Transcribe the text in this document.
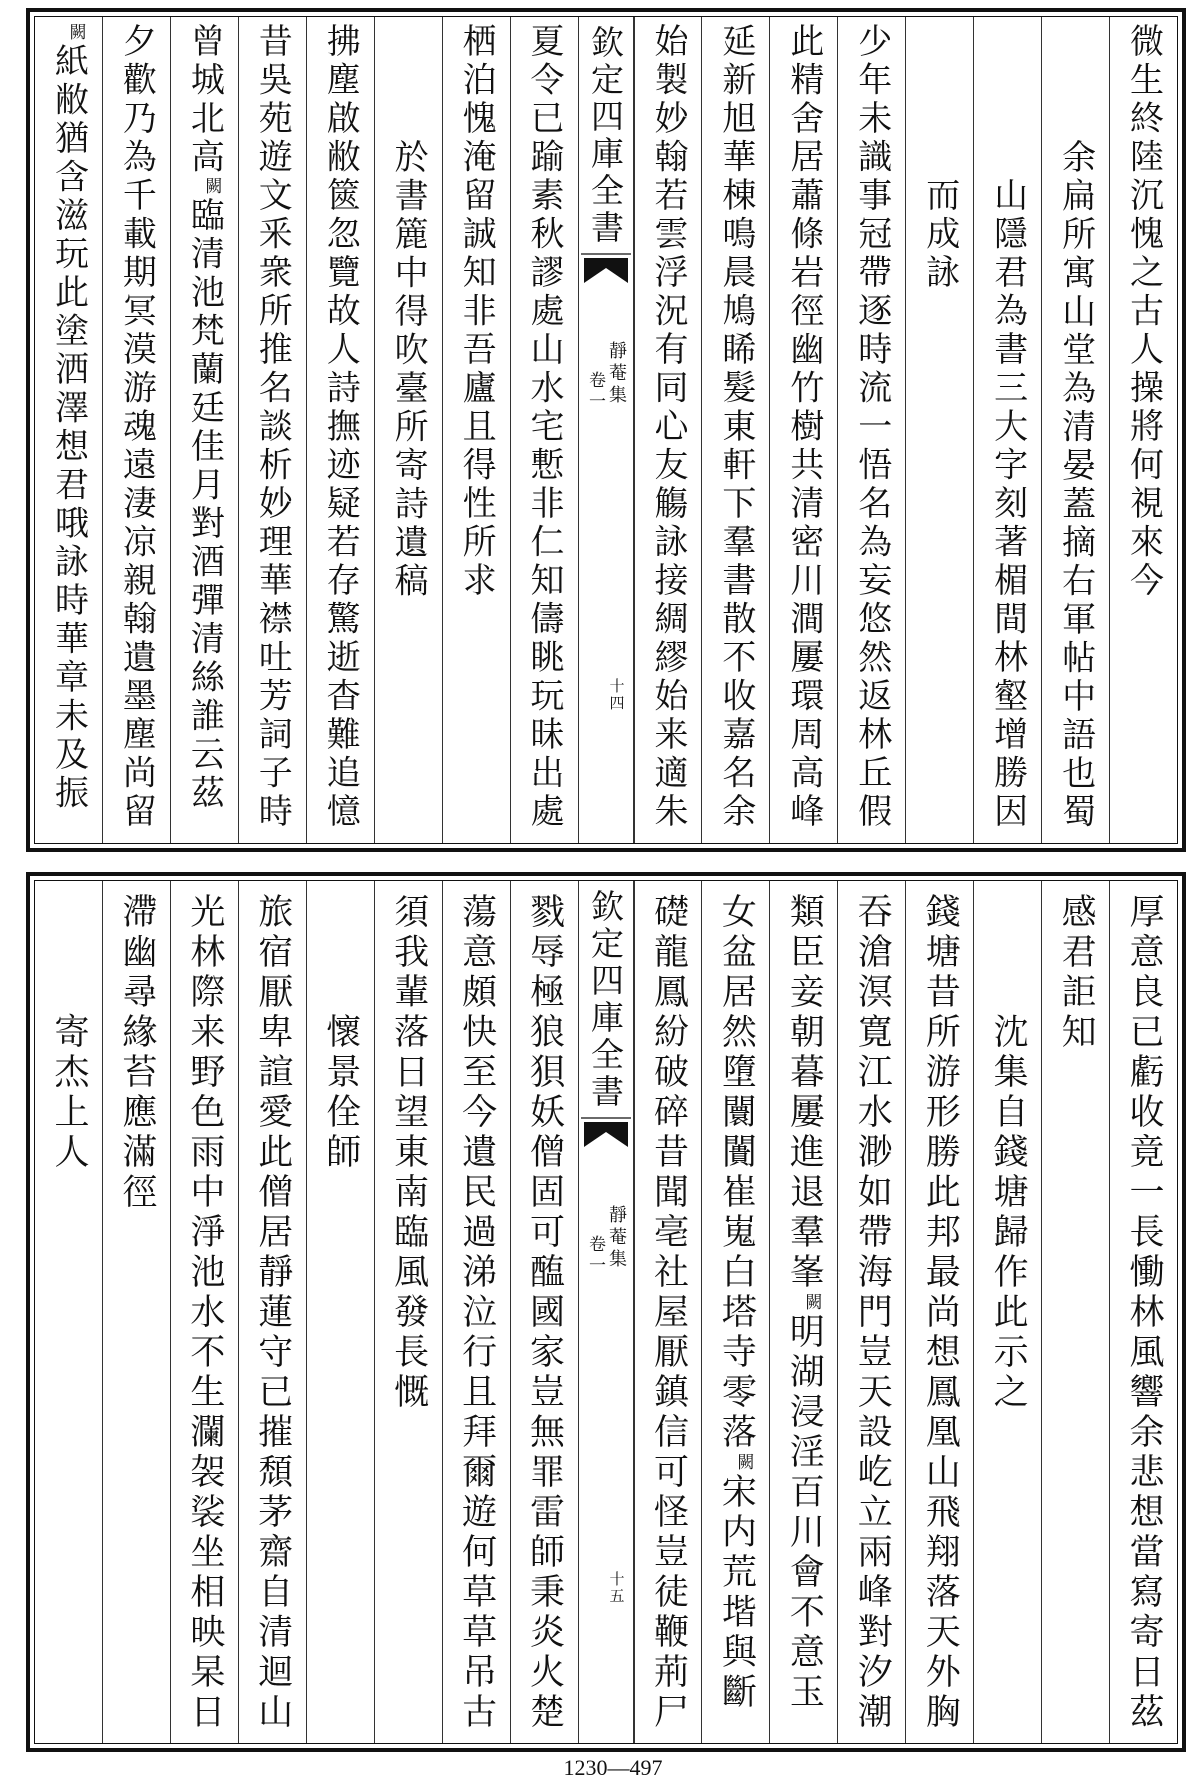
微生終陸沉愧之古人操將何視來今
余扁所寓山堂為清晏蓋摘右軍帖中語也蜀
山隱君為書三大字刻著楣間林壑增勝因
而成詠
少年未識事冠帶逐時流一悟名為妄悠然返林丘假
此精舍居蕭條岩徑幽竹樹共清密川澗屢環周高峰
延新旭華棟鳴晨鳩睎髮東軒下羣書散不收嘉名余
始製妙翰若雲浮況有同心友觴詠接綢繆始来適朱
欽定四庫全書
靜菴集
卷一
十四
夏令已踰素秋謬處山水宅慙非仁知儔眺玩昧出處
栖泊愧淹留誠知非吾廬且得性所求
於書簏中得吹臺所寄詩遺稿
拂塵啟敝篋忽覽故人詩撫迹疑若存驚逝杳難追憶
昔吳苑遊文釆衆所推名談析妙理華襟吐芳詞子時
曾城北高闕臨清池梵蘭廷佳月對酒彈清絲誰云茲
夕歡乃為千載期冥漠游魂遠淒凉親翰遺墨塵尚留
闕紙敝猶含滋玩此塗洒澤想君哦詠時華章未及振
厚意良已虧收竟一長慟林風響余悲想當寫寄日茲
感君詎知
沈集自錢塘歸作此示之
錢塘昔所游形勝此邦最尚想鳳凰山飛翔落天外胸
吞滄溟寛江水渺如帶海門豈天設屹立兩峰對汐潮
類臣妾朝暮屢進退羣峯闕明湖浸淫百川會不意玉
女盆居然墮闤闠崔嵬白塔寺零落闕宋内荒堦與斷
礎龍鳳紛破碎昔聞亳社屋厭鎮信可怪豈徒鞭荊尸
欽定四庫全書
靜菴集
卷一
十五
戮辱極狼狽妖僧固可醢國家豈無罪雷師秉炎火楚
蕩意頗快至今遺民過涕泣行且拜爾遊何草草吊古
須我輩落日望東南臨風發長慨
懷景佺師
旅宿厭卑諠愛此僧居靜蓮守已摧頹茅齋自清迴山
光林際来野色雨中淨池水不生瀾袈裟坐相映杲日
滯幽尋緣苔應滿徑
寄杰上人
1230—497
